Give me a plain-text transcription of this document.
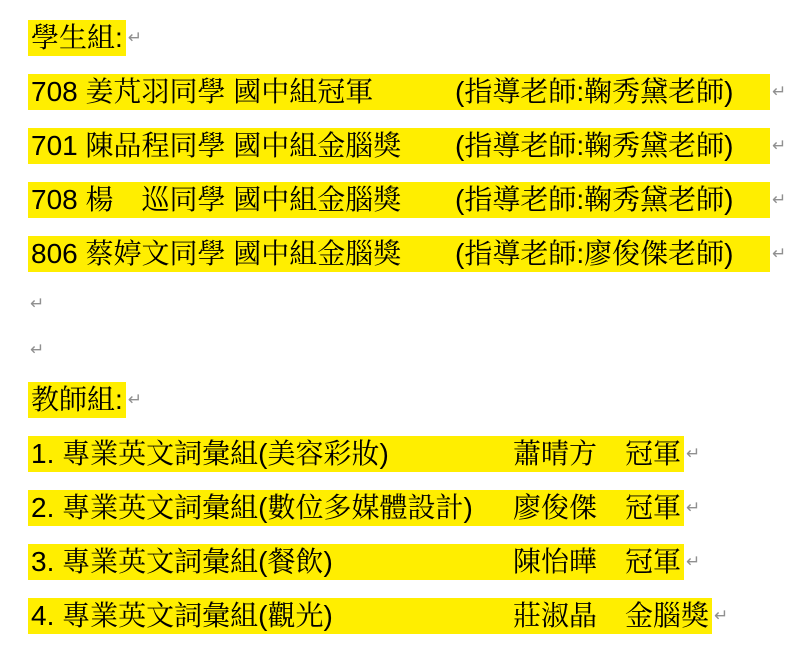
學生組: ↵
708 姜芃羽同學 國中組冠軍	(指導老師:鞠秀黛老師) ↵
701 陳品程同學 國中組金腦獎	(指導老師:鞠秀黛老師) ↵
708 楊　巡同學 國中組金腦獎	(指導老師:鞠秀黛老師) ↵
806 蔡婷文同學 國中組金腦獎	(指導老師:廖俊傑老師) ↵
↵
↵
教師組: ↵
1. 專業英文詞彙組(美容彩妝)	蕭晴方 冠軍 ↵
2. 專業英文詞彙組(數位多媒體設計)	廖俊傑 冠軍 ↵
3. 專業英文詞彙組(餐飲)	陳怡曄 冠軍 ↵
4. 專業英文詞彙組(觀光)	莊淑晶 金腦獎 ↵
